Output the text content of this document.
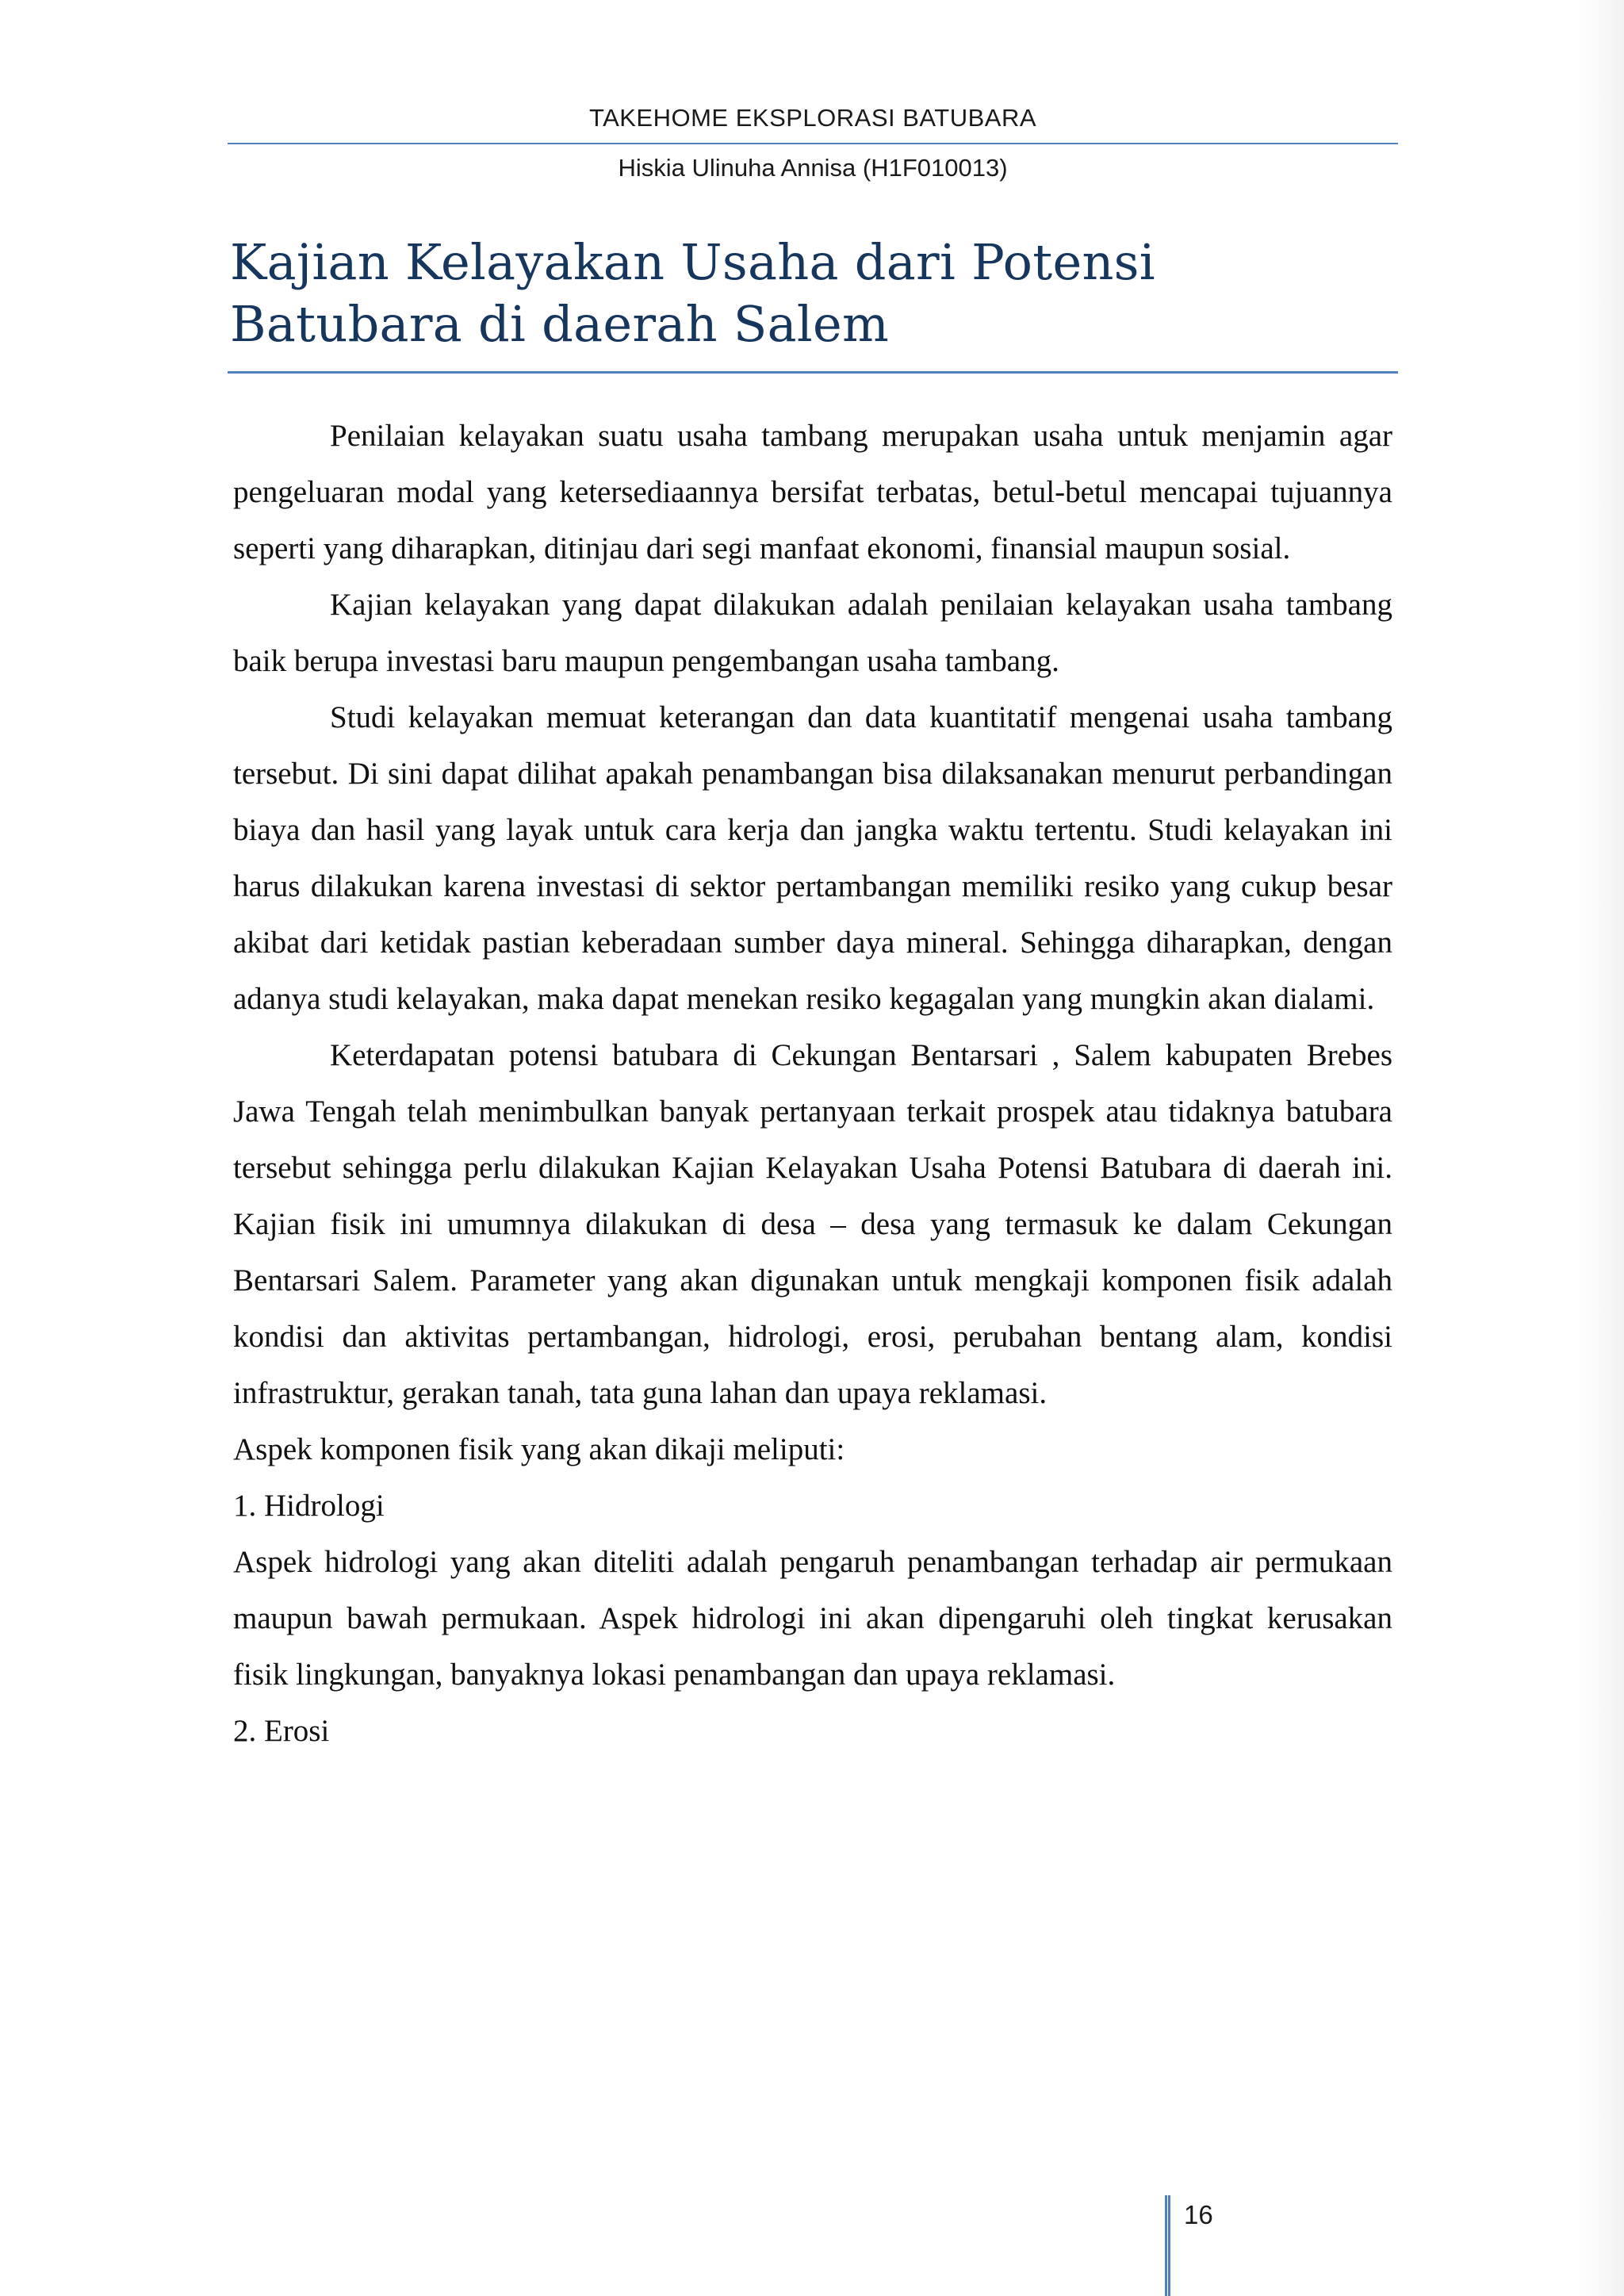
TAKEHOME EKSPLORASI BATUBARA
Hiskia Ulinuha Annisa (H1F010013)
Kajian Kelayakan Usaha dari Potensi Batubara di daerah Salem

Penilaian kelayakan suatu usaha tambang merupakan usaha untuk menjamin agar pengeluaran modal yang ketersediaannya bersifat terbatas, betul-betul mencapai tujuannya seperti yang diharapkan, ditinjau dari segi manfaat ekonomi, finansial maupun sosial.

Kajian kelayakan yang dapat dilakukan adalah penilaian kelayakan usaha tambang baik berupa investasi baru maupun pengembangan usaha tambang.

Studi kelayakan memuat keterangan dan data kuantitatif mengenai usaha tambang tersebut. Di sini dapat dilihat apakah penambangan bisa dilaksanakan menurut perbandingan biaya dan hasil yang layak untuk cara kerja dan jangka waktu tertentu. Studi kelayakan ini harus dilakukan karena investasi di sektor pertambangan memiliki resiko yang cukup besar akibat dari ketidak pastian keberadaan sumber daya mineral. Sehingga diharapkan, dengan adanya studi kelayakan, maka dapat menekan resiko kegagalan yang mungkin akan dialami.

Keterdapatan potensi batubara di Cekungan Bentarsari , Salem kabupaten Brebes Jawa Tengah telah menimbulkan banyak pertanyaan terkait prospek atau tidaknya batubara tersebut sehingga perlu dilakukan Kajian Kelayakan Usaha Potensi Batubara di daerah ini. Kajian fisik ini umumnya dilakukan di desa – desa yang termasuk ke dalam Cekungan Bentarsari Salem. Parameter yang akan digunakan untuk mengkaji komponen fisik adalah kondisi dan aktivitas pertambangan, hidrologi, erosi, perubahan bentang alam, kondisi infrastruktur, gerakan tanah, tata guna lahan dan upaya reklamasi.

Aspek komponen fisik yang akan dikaji meliputi:

1. Hidrologi

Aspek hidrologi yang akan diteliti adalah pengaruh penambangan terhadap air permukaan maupun bawah permukaan. Aspek hidrologi ini akan dipengaruhi oleh tingkat kerusakan fisik lingkungan, banyaknya lokasi penambangan dan upaya reklamasi.

2. Erosi

16
